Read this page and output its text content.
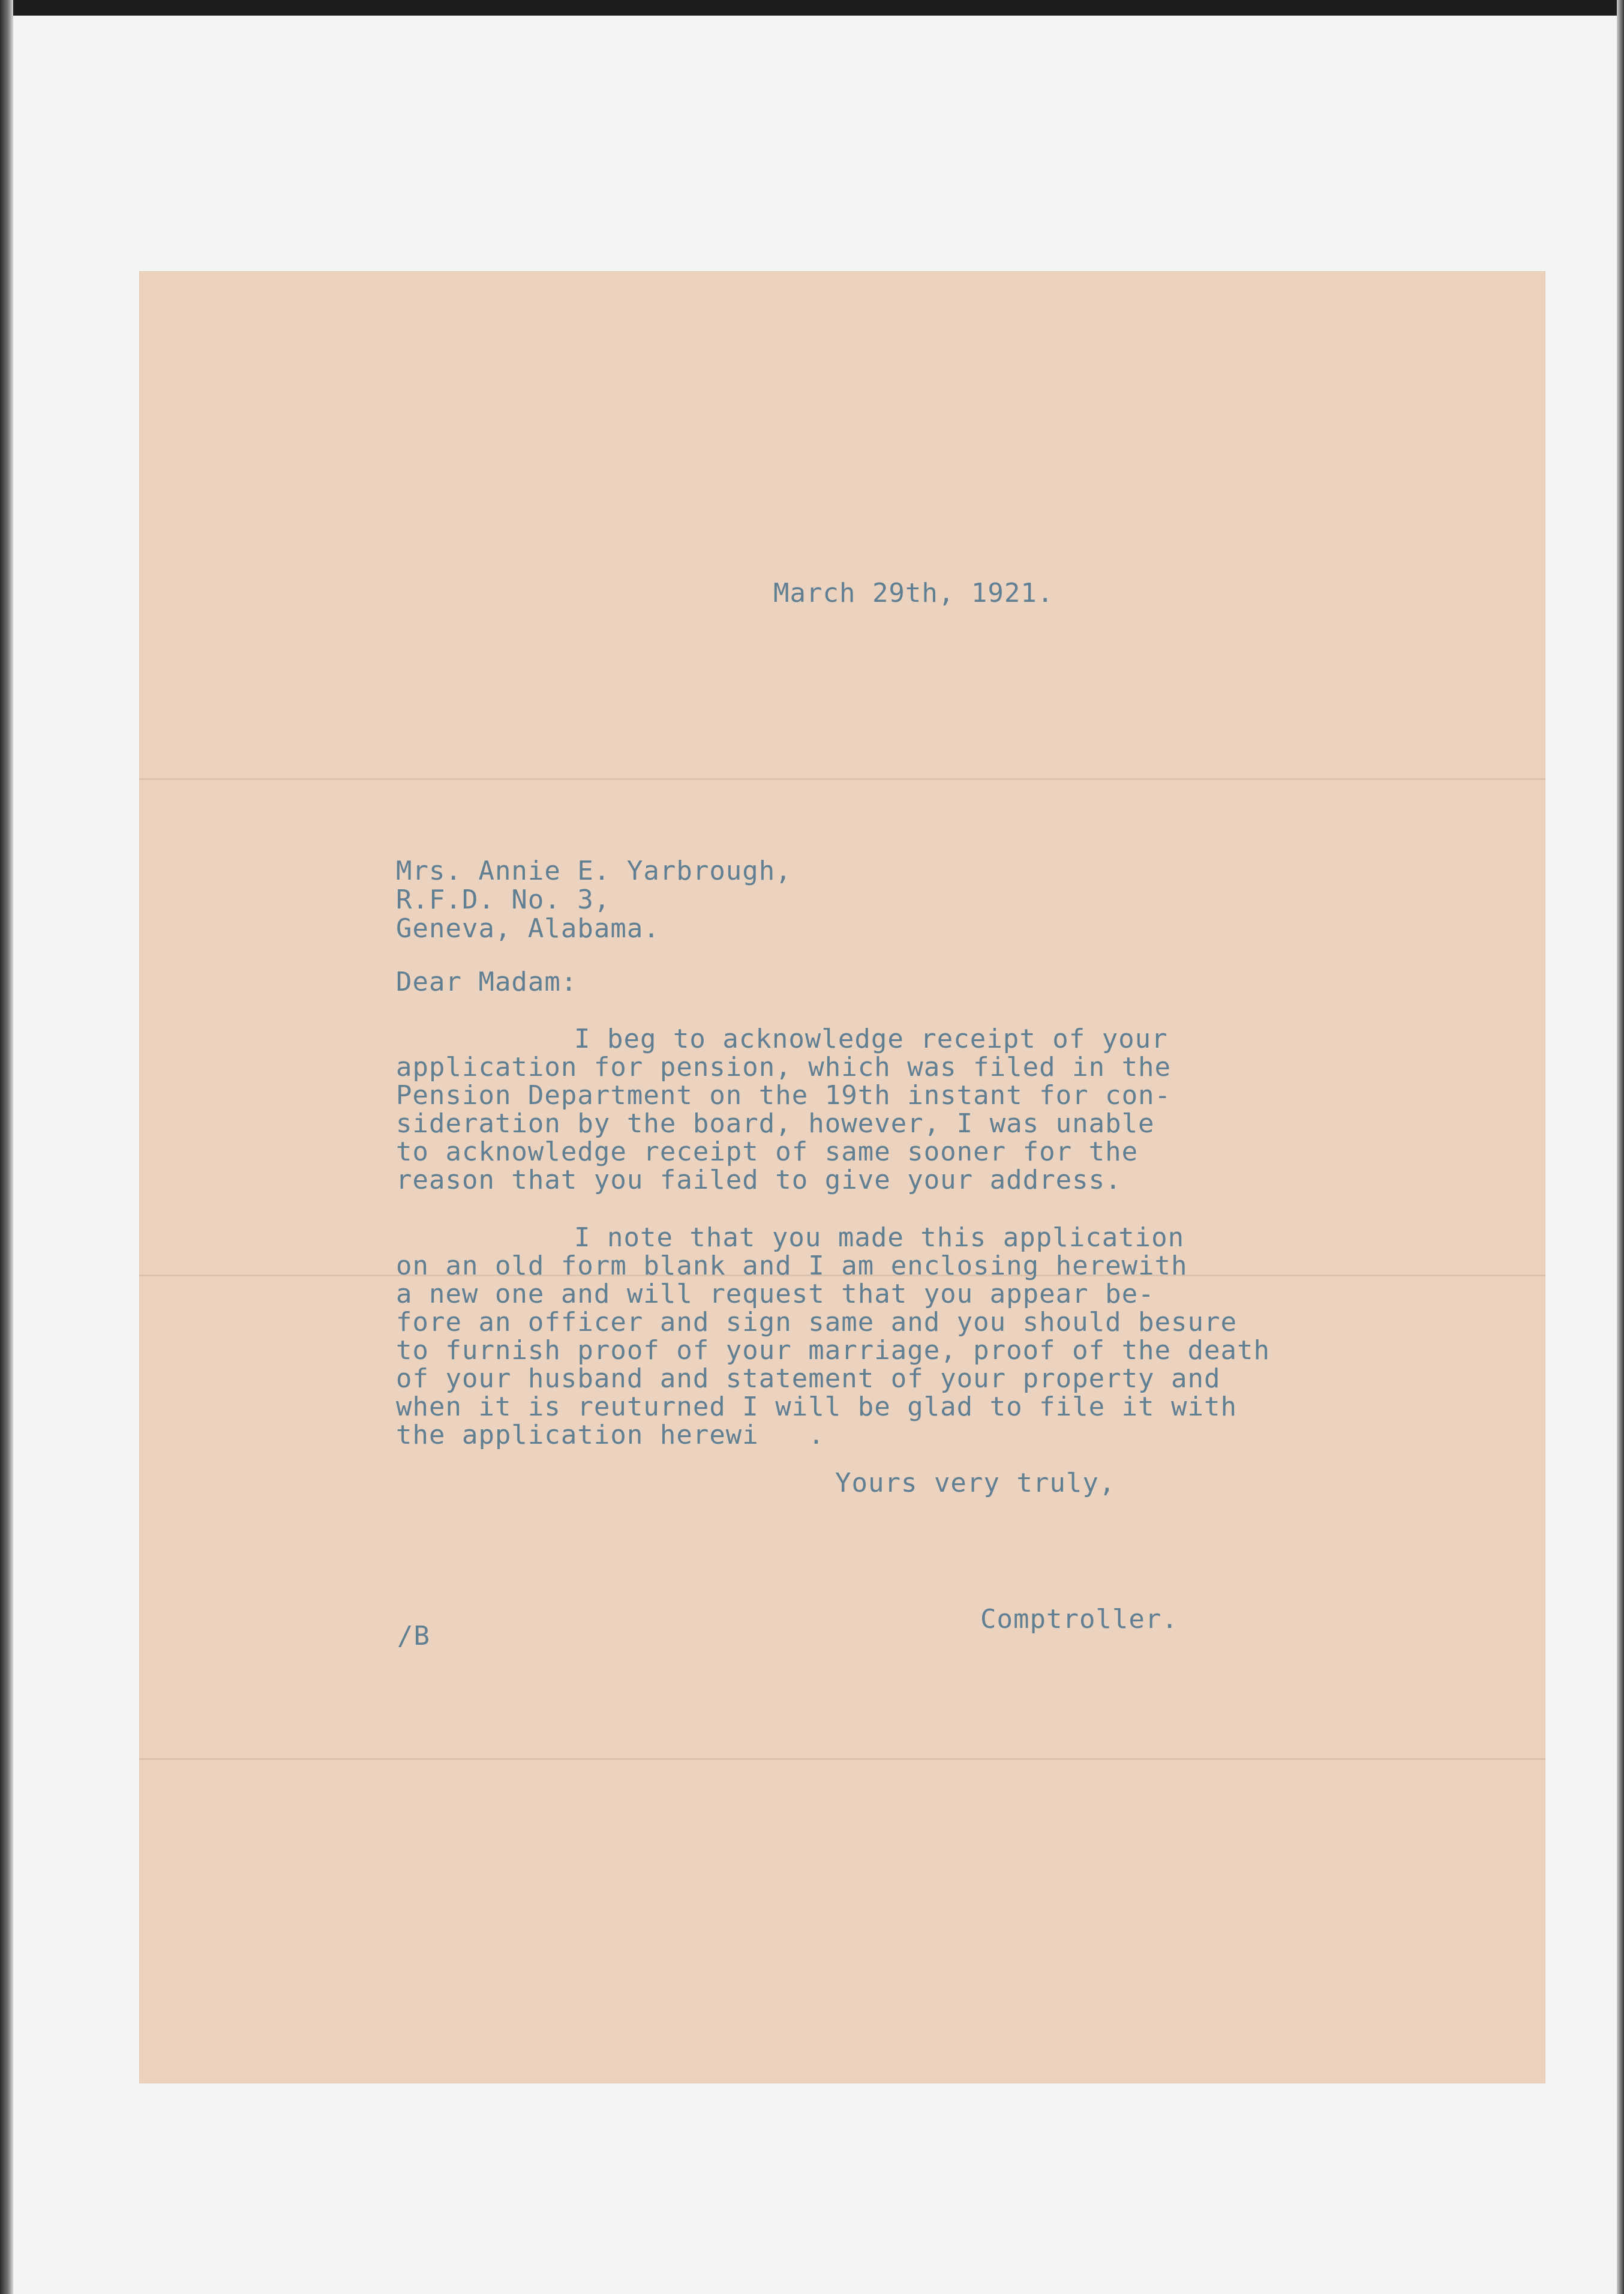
March 29th, 1921.
Mrs. Annie E. Yarbrough,
R.F.D. No. 3,
Geneva, Alabama.
Dear Madam:
I beg to acknowledge receipt of your
application for pension, which was filed in the
Pension Department on the 19th instant for con-
sideration by the board, however, I was unable
to acknowledge receipt of same sooner for the
reason that you failed to give your address.
I note that you made this application
on an old form blank and I am enclosing herewith
a new one and will request that you appear be-
fore an officer and sign same and you should besure
to furnish proof of your marriage, proof of the death
of your husband and statement of your property and
when it is reuturned I will be glad to file it with
the application herewi   .
Yours very truly,
Comptroller.
/B
